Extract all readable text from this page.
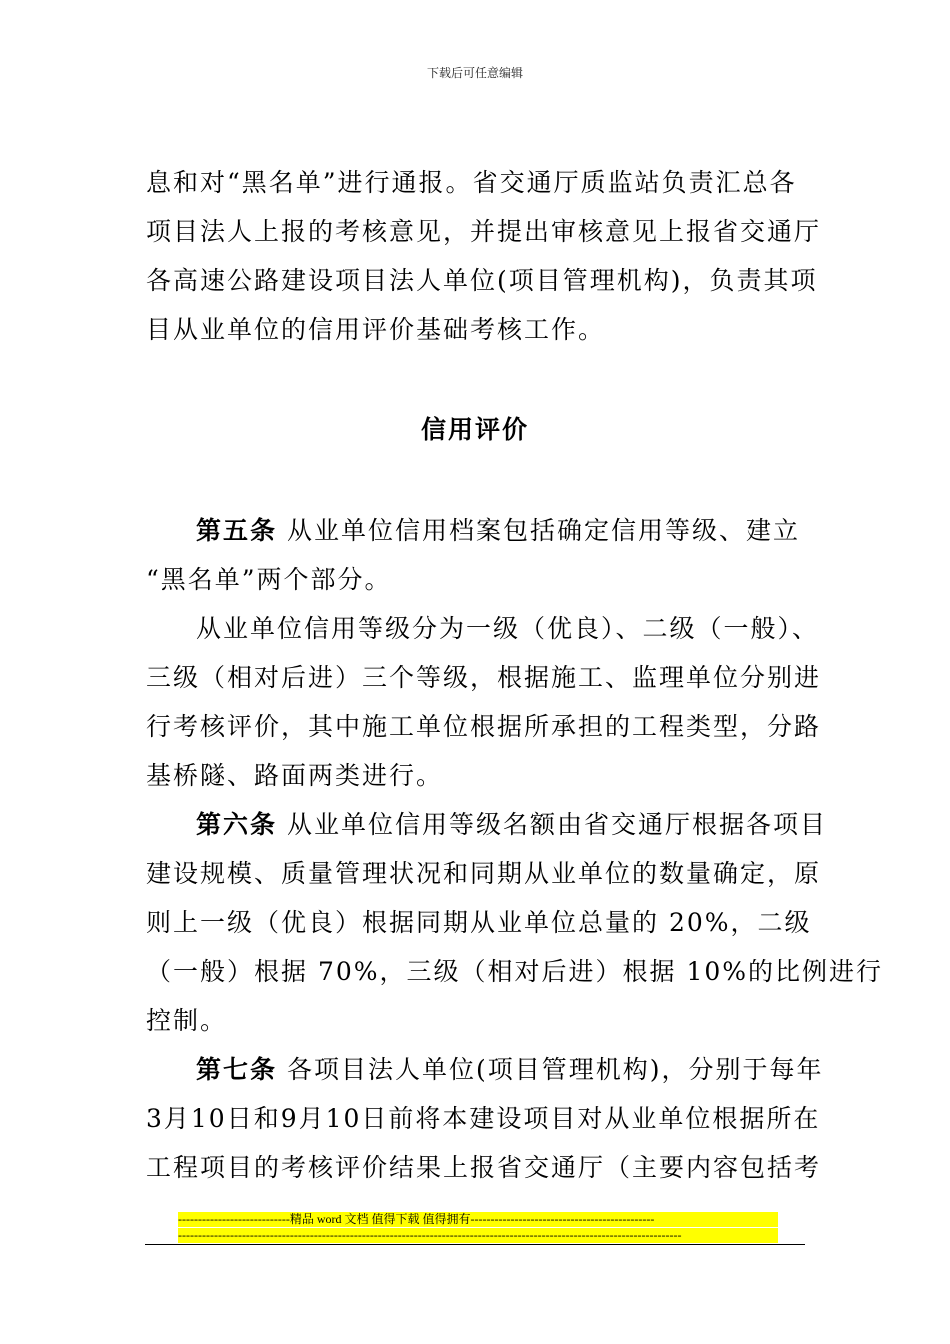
下载后可任意编辑
息和对“黑名单”进行通报。省交通厅质监站负责汇总各
项目法人上报的考核意见，并提出审核意见上报省交通厅
各高速公路建设项目法人单位(项目管理机构)，负责其项
目从业单位的信用评价基础考核工作。
信用评价
第五条 从业单位信用档案包括确定信用等级、建立
“黑名单”两个部分。
从业单位信用等级分为一级（优良）、二级（一般）、
三级（相对后进）三个等级，根据施工、监理单位分别进
行考核评价，其中施工单位根据所承担的工程类型，分路
基桥隧、路面两类进行。
第六条 从业单位信用等级名额由省交通厅根据各项目
建设规模、质量管理状况和同期从业单位的数量确定，原
则上一级（优良）根据同期从业单位总量的 20%，二级
（一般）根据 70%，三级（相对后进）根据 10%的比例进行
控制。
第七条 各项目法人单位(项目管理机构)，分别于每年
3月10日和9月10日前将本建设项目对从业单位根据所在
工程项目的考核评价结果上报省交通厅（主要内容包括考
----------------------------精品 word 文档 值得下载 值得拥有----------------------------------------------
------------------------------------------------------------------------------------------------------------------------------
